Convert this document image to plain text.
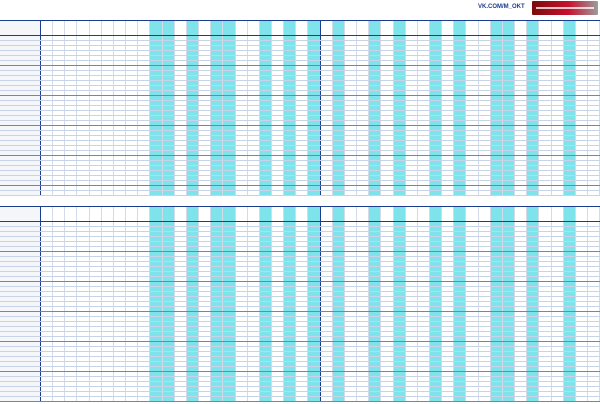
VK.COM/M_OKT
